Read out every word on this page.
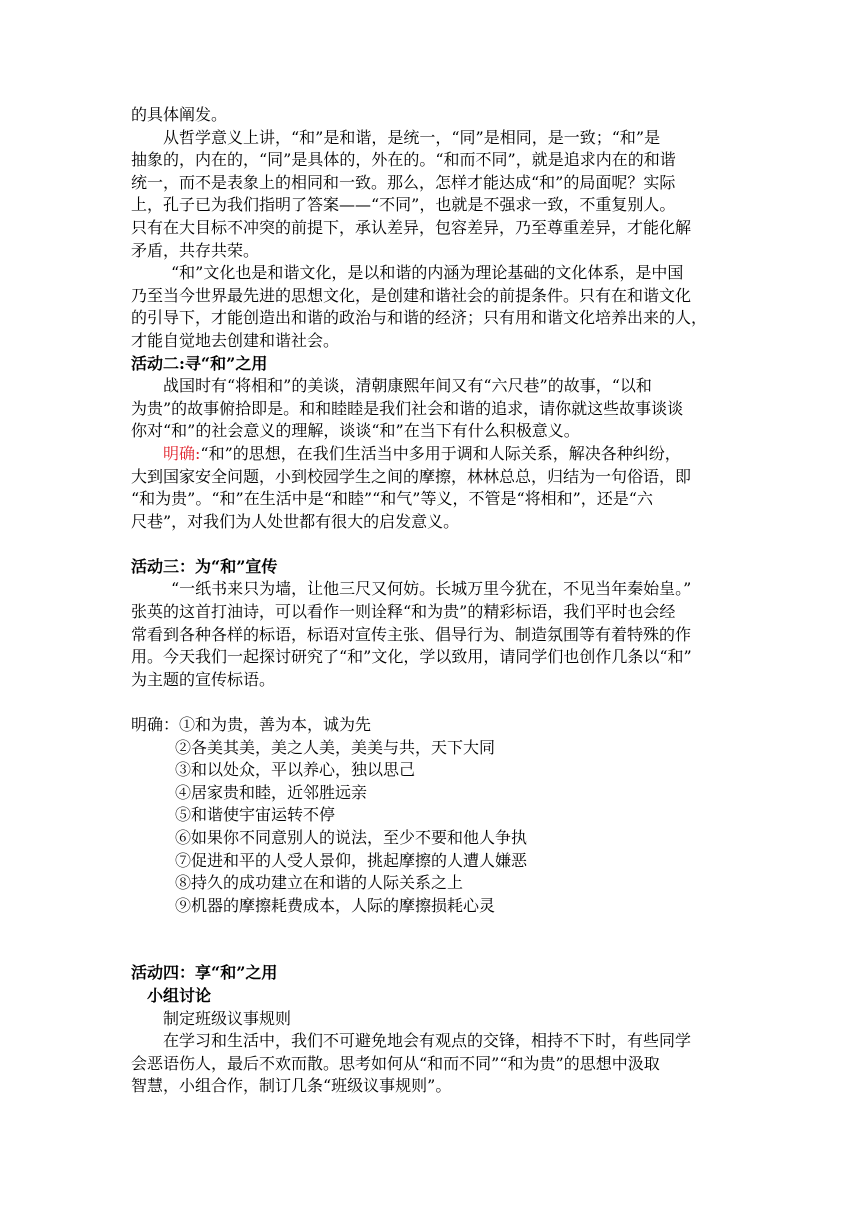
的具体阐发。
从哲学意义上讲，“和”是和谐，是统一，“同”是相同，是一致；“和”是
抽象的，内在的，“同”是具体的，外在的。“和而不同”，就是追求内在的和谐
统一，而不是表象上的相同和一致。那么，怎样才能达成“和”的局面呢？实际
上，孔子已为我们指明了答案——“不同”，也就是不强求一致，不重复别人。
只有在大目标不冲突的前提下，承认差异，包容差异，乃至尊重差异，才能化解
矛盾，共存共荣。
“和”文化也是和谐文化，是以和谐的内涵为理论基础的文化体系，是中国
乃至当今世界最先进的思想文化，是创建和谐社会的前提条件。只有在和谐文化
的引导下，才能创造出和谐的政治与和谐的经济；只有用和谐文化培养出来的人，
才能自觉地去创建和谐社会。
活动二:寻“和”之用
战国时有“将相和”的美谈，清朝康熙年间又有“六尺巷”的故事，“以和
为贵”的故事俯拾即是。和和睦睦是我们社会和谐的追求，请你就这些故事谈谈
你对“和”的社会意义的理解，谈谈“和”在当下有什么积极意义。
明确:“和”的思想，在我们生活当中多用于调和人际关系，解决各种纠纷，
大到国家安全问题，小到校园学生之间的摩擦，林林总总，归结为一句俗语，即
“和为贵”。“和”在生活中是“和睦”“和气”等义，不管是“将相和”，还是“六
尺巷”，对我们为人处世都有很大的启发意义。
活动三：为“和”宣传
“一纸书来只为墙，让他三尺又何妨。长城万里今犹在，不见当年秦始皇。”
张英的这首打油诗，可以看作一则诠释“和为贵”的精彩标语，我们平时也会经
常看到各种各样的标语，标语对宣传主张、倡导行为、制造氛围等有着特殊的作
用。今天我们一起探讨研究了“和”文化，学以致用，请同学们也创作几条以“和”
为主题的宣传标语。
明确：①和为贵，善为本，诚为先
②各美其美，美之人美，美美与共，天下大同
③和以处众，平以养心，独以思己
④居家贵和睦，近邻胜远亲
⑤和谐使宇宙运转不停
⑥如果你不同意别人的说法，至少不要和他人争执
⑦促进和平的人受人景仰，挑起摩擦的人遭人嫌恶
⑧持久的成功建立在和谐的人际关系之上
⑨机器的摩擦耗费成本，人际的摩擦损耗心灵
活动四：享“和”之用
小组讨论
制定班级议事规则
在学习和生活中，我们不可避免地会有观点的交锋，相持不下时，有些同学
会恶语伤人，最后不欢而散。思考如何从“和而不同”“和为贵”的思想中汲取
智慧，小组合作，制订几条“班级议事规则”。
